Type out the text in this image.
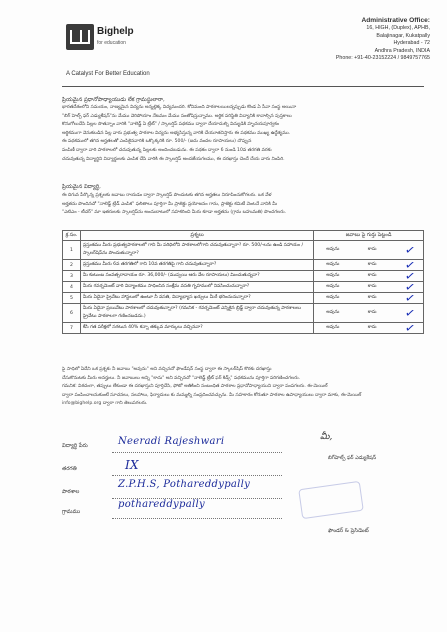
Bighelp
for education
A Catalyst For Better Education
Administrative Office:
16, HIGH, (Duplex), APHB,
Balajinagar, Kukatpally
Hyderabad - 72
Andhra Pradesh, INDIA
Phone: +91-40-23152224 / 9849757765
ప్రియమైన ప్రధానోపాధ్యాయుడు లేక గ్రామస్థులారా,
భారతదేశంలోని సమయం, నాణ్యమైన విద్యను అన్నట్లెక్క విద్యమందరి. కోనిమంది పాఠశాలయిలన్నప్పుడు కొండ ఏ సేవా సంస్థ అయినా
"బిగ్ హెల్ప్ ఫర్ ఎడ్యుకేషన్"ను మేము వెరిపోయాం నేటమం మేము సంతోషిస్తున్నాము. అర్థిక పరిస్థితి విద్యానికి కావాల్సిన పుస్తకాలు
కొనుగోలుచేసి పిల్లల సొతన్నాం వారికి "నాలెడ్జ్ ఏ ట్రీట్" / స్కాలర్షిప్ పథకము ద్వారా దేయాదుల్ని విద్యుడికి హృదయపూర్వకం
అర్థికముగా వెనుకబడిన పిల్ల వారు ప్రభుత్వ పాఠశాల విద్యను అభ్యసిస్తున్న వారికి చేయూతనిస్తారు ఈ పథకము ముఖ్య ఉద్దేశ్యము.
ఈ పథకములో తగిన అర్హతలతో ఎంపికైనవారికి ఒక్కొక్కరికి రూ. 500/- (ఐదు వందల రూపాయలు) చొప్పున
పంపిణీ ద్వారా వారి పాఠశాలలో చదువుతున్న పిల్లలకు అందించబడును. ఈ పథకం ద్వారా 6 నుండి 10వ తరగతి వరకు
చదువుతున్న విద్యార్థిని విద్యార్థులకు ఎంపిక చేసి వారికి ఈ స్కాలర్షిప్ అందజేయగలము, ఈ దరఖాస్తు చెందే చేయ వారు నింపిరి.
ప్రియమైన విద్యార్థి,
ఈ దిగువ పేర్కొన్న ప్రశ్నలకు జవాబు రాయడం ద్వారా స్కాలర్షిప్ పొందుటకు తగిన అర్హతలు నిరూపించుకోగలరు. ఒక వేళ
అర్హతను పొందినచో "నాలెడ్జ్ ట్రేడ్ ఎంపిక" ఫలితాలు పూర్తిగా మీ ప్రాజెక్టు ప్రయోజనం గాను, ప్రాజెక్టు కమిటీ వెంటనే వానికి మీ
"ఎటిఎం - టీచర్" మా ఇతరులకు స్కాలర్షిప్‌ను అందుబాటులో సహకరించి మీరు కూడా అర్హతను (గ్రామ బహుమతి) పొందగలరు.
క్ర.సం.	ప్రశ్నలు	జవాబు పై గుర్తు పెట్టండి
1	ప్రస్తుతము మీరు ప్రభుత్వపాఠశాలలో గాని మీ పరిధిలోని పాఠశాలలోగాని చదువుతున్నారా? రూ. 500/-లను ఉండి సహాయం / స్కాలర్‌షిప్‌ను పొందుతున్నారా?	అవును కాదు ✓

2	ప్రస్తుతము మీరు 6వ తరగతిలో గాని 10వ తరగతిపై గాని చదువుతున్నారా?	అవును కాదు ✓

3	మీ కుటుంబ సంవత్సరాదాయం రూ. 36,000/- (ముప్పయి ఆరు వేల రూపాయలు) మించుతున్నదా?	అవును కాదు ✓

4	మీరు గవర్నమెంట్ వారి విద్యాంశము సాధించిన సంక్షేమ వసతి గృహములో నివసించుచున్నారా?	అవును కాదు ✓

5	మీరు ఏదైనా ప్రైవేటు హాస్టలులో ఉంటూ నీ వసతి, విద్యాభ్యాస ఖర్చులు మీరే భరించుచున్నారా?	అవును కాదు ✓

6	మీరు ఏదైనా ప్రయివేటు పాఠశాలలో చదువుతున్నారా? (గమనిక - గవర్నమెంట్ ఎన్నికైన బ్రిడ్జ్ ద్వారా చదువుతున్న పాఠశాలలు ప్రైవేటు పాఠశాలగా గణించబడదు.)	అవును కాదు ✓

7	కేసి గత పరీక్షలో సగటున 40% కన్నా తక్కువ మార్కులు వచ్చినవా?	అవును కాదు ✓
పై సాధిలో ఏదేని ఒక ప్రశ్నకు నీ జవాబు "అవును" అని వచ్చినచో ఫౌండేషన్ సంస్థ ద్వారా ఈ స్కాలర్‌షిప్ కొరకు దరఖాస్తు
చేసుకొనుటకు మీరు అనర్హులు. నీ జవాబులు అన్ని "కాదు" అని వచ్చినచో "నాలెడ్జ్ ట్రీట్ ఫర్ కిడ్స్" పథకమును పూర్తిగా పరిగణించగలరు.
గమనిక: విశదంగా, తప్పులు లేకుండా ఈ దరఖాస్తుని పూర్తిచేసి, ఫోటో అతికించి సంబంధిత పాఠశాల ప్రధానోపాధ్యాయుని ద్వారా పంపగలరు. ఈ-మెయిల్
ద్వారా పంపించాలనుకుంటే సూచనలు, సలహాలు, ఫిర్యాదులు కు మమ్మల్ని సంప్రదించవచ్చును. మీ సహకారం కోరుతూ పాఠశాల ఉపాధ్యాయులు ద్వారా మాకు, ఈ-మెయిల్
info@bighelp.org ద్వారా గాని తెలుపగలరు.
విద్యార్థి పేరు	Neeradi Rajeshwari
తరగతి	IX
పాఠశాల
Z.P.H.S, Pothareddypally
గ్రామము
pothareddypally
మీ,
బిగ్‌హెల్ప్ ఫర్ ఎడ్యుకేషన్
ఫౌండర్ & ప్రెసిడెంట్
